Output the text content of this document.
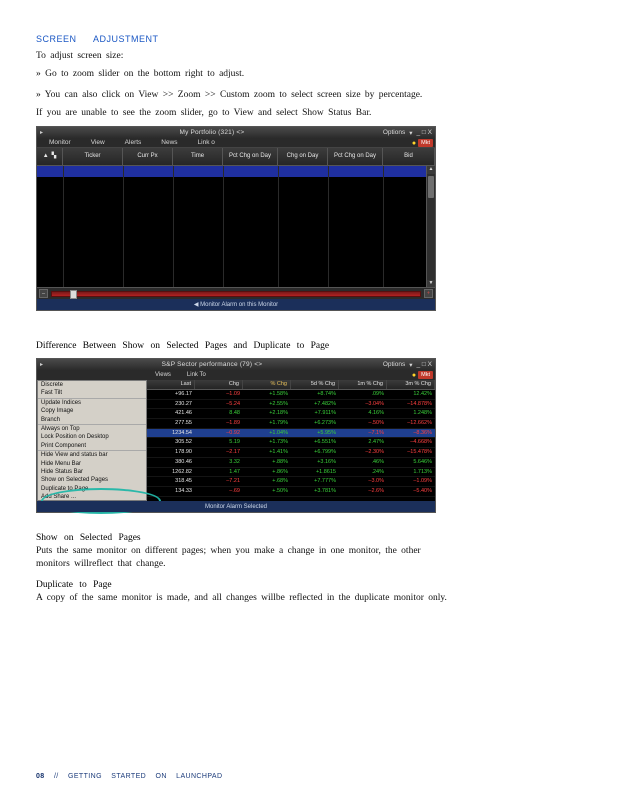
SCREEN ADJUSTMENT
To adjust screen size:
» Go to zoom slider on the bottom right to adjust.
» You can also click on View >> Zoom >> Custom zoom to select screen size by percentage.
If you are unable to see the zoom slider, go to View and select Show Status Bar.
▸	My Portfolio (321) <>	Options ▾ _ □ X
Monitor	View	Alerts	News	Link o	● Mkt
▲ ▚	Ticker	Curr Px	Time	Pct Chg on Day	Chg on Day	Pct Chg on Day	Bid
▲
▼
–	+
◀ Monitor Alarm on this Monitor
Difference Between Show on Selected Pages and Duplicate to Page
▸	S&P Sector performance (79) <>	Options ▾ _ □ X
Views	Link To	● Mkt
Discrete
Fast Tilt
Update Indices
Copy Image
Branch
Always on Top
Lock Position on Desktop
Print Component
Hide View and status bar
Hide Menu Bar
Hide Status Bar
Show on Selected Pages
Duplicate to Page
Add Share ...
Last	Chg	% Chg	5d % Chg	1m % Chg	3m % Chg
+96.17	–1.09	+1.58%	+8.74%	.09%	12.42%
230.27	–5.24	+2.55%	+7.482%	–3.04%	–14.878%
421.46	8.48	+2.18%	+7.911%	4.16%	1.248%
277.55	–1.89	+1.79%	+6.273%	–.50%	–12.662%
1234.54	–0.92	+1.04%	+5.95%	–7.1%	–8.36%
305.52	5.19	+1.73%	+6.551%	2.47%	–4.668%
178.90	–2.17	+1.41%	+6.799%	–2.30%	–15.478%
380.46	3.32	+.88%	+3.16%	.46%	5.646%
1262.82	1.47	+.86%	+1.8615	.24%	1.713%
318.45	–7.21	+.68%	+7.777%	–3.0%	–1.09%
134.33	–.69	+.50%	+3.781%	–2.6%	–5.40%
Monitor Alarm Selected
Show on Selected Pages
Puts the same monitor on different pages; when you make a change in one monitor, the other monitors willreflect that change.
Duplicate to Page
A copy of the same monitor is made, and all changes willbe reflected in the duplicate monitor only.
08 // GETTING STARTED ON LAUNCHPAD
